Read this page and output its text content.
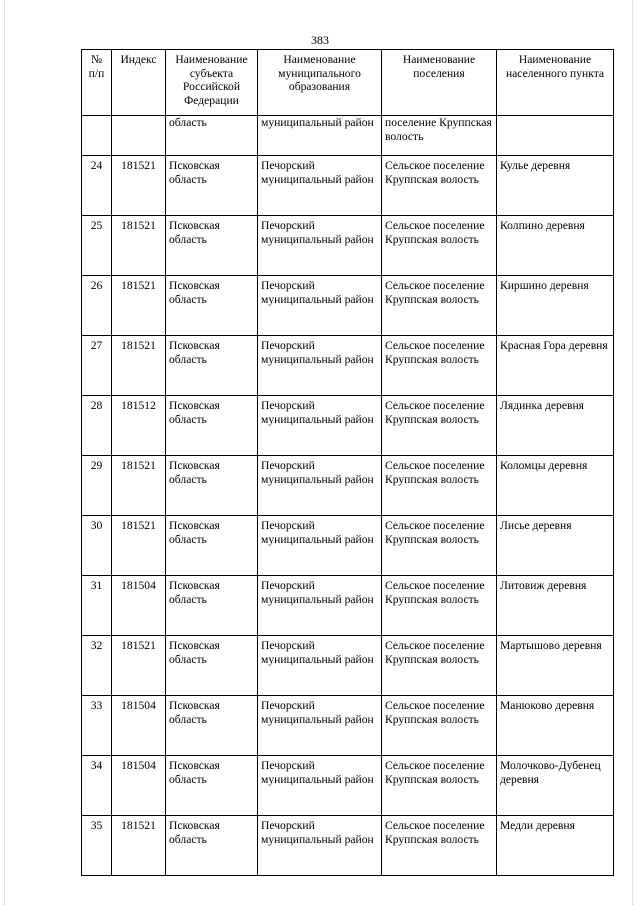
383
№ п/п	Индекс	Наименование субъекта Российской Федерации	Наименование муниципального образования	Наименование поселения	Наименование населенного пункта
		область	муниципальный район	поселение Круппская волость	
24	181521	Псковская область	Печорский муниципальный район	Сельское поселение Круппская волость	Кулье деревня
25	181521	Псковская область	Печорский муниципальный район	Сельское поселение Круппская волость	Колпино деревня
26	181521	Псковская область	Печорский муниципальный район	Сельское поселение Круппская волость	Киршино деревня
27	181521	Псковская область	Печорский муниципальный район	Сельское поселение Круппская волость	Красная Гора деревня
28	181512	Псковская область	Печорский муниципальный район	Сельское поселение Круппская волость	Лядинка деревня
29	181521	Псковская область	Печорский муниципальный район	Сельское поселение Круппская волость	Коломцы деревня
30	181521	Псковская область	Печорский муниципальный район	Сельское поселение Круппская волость	Лисье деревня
31	181504	Псковская область	Печорский муниципальный район	Сельское поселение Круппская волость	Литовиж деревня
32	181521	Псковская область	Печорский муниципальный район	Сельское поселение Круппская волость	Мартышово деревня
33	181504	Псковская область	Печорский муниципальный район	Сельское поселение Круппская волость	Манюково деревня
34	181504	Псковская область	Печорский муниципальный район	Сельское поселение Круппская волость	Молочково-Дубенец деревня
35	181521	Псковская область	Печорский муниципальный район	Сельское поселение Круппская волость	Медли деревня
